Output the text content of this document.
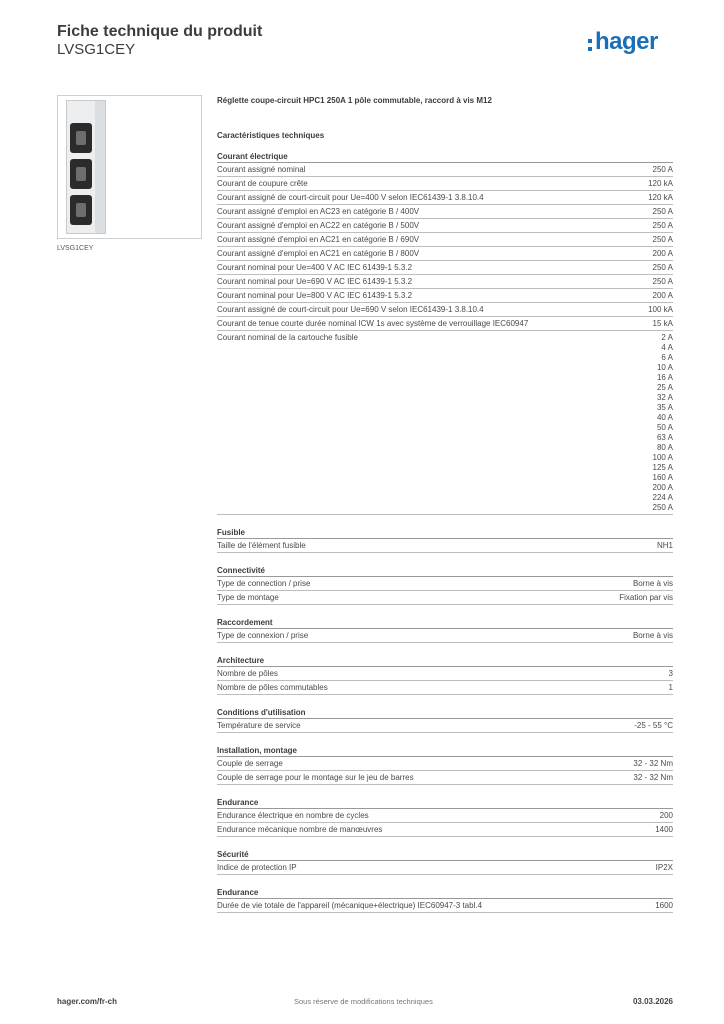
Fiche technique du produit
LVSG1CEY	hager
LVSG1CEY
Réglette coupe-circuit HPC1 250A 1 pôle commutable, raccord à vis M12
Caractéristiques techniques
Courant électrique
Courant assigné nominal	250 A
Courant de coupure crête	120 kA
Courant assigné de court-circuit pour Ue=400 V selon IEC61439-1 3.8.10.4	120 kA
Courant assigné d'emploi en AC23 en catégorie B / 400V	250 A
Courant assigné d'emploi en AC22 en catégorie B / 500V	250 A
Courant assigné d'emploi en AC21 en catégorie B / 690V	250 A
Courant assigné d'emploi en AC21 en catégorie B / 800V	200 A
Courant nominal pour Ue=400 V AC IEC 61439-1 5.3.2	250 A
Courant nominal pour Ue=690 V AC IEC 61439-1 5.3.2	250 A
Courant nominal pour Ue=800 V AC IEC 61439-1 5.3.2	200 A
Courant assigné de court-circuit pour Ue=690 V selon IEC61439-1 3.8.10.4	100 kA
Courant de tenue courte durée nominal ICW 1s avec système de verrouillage IEC60947	15 kA
Courant nominal de la cartouche fusible	2 A
4 A
6 A
10 A
16 A
25 A
32 A
35 A
40 A
50 A
63 A
80 A
100 A
125 A
160 A
200 A
224 A
250 A
Fusible
Taille de l'élément fusible	NH1
Connectivité
Type de connection / prise	Borne à vis
Type de montage	Fixation par vis
Raccordement
Type de connexion / prise	Borne à vis
Architecture
Nombre de pôles	3
Nombre de pôles commutables	1
Conditions d'utilisation
Température de service	-25 - 55 °C
Installation, montage
Couple de serrage	32 - 32 Nm
Couple de serrage pour le montage sur le jeu de barres	32 - 32 Nm
Endurance
Endurance électrique en nombre de cycles	200
Endurance mécanique nombre de manœuvres	1400
Sécurité
Indice de protection IP	IP2X
Endurance
Durée de vie totale de l'appareil (mécanique+électrique) IEC60947-3 tabl.4	1600
hager.com/fr-ch	Sous réserve de modifications techniques	03.03.2026
